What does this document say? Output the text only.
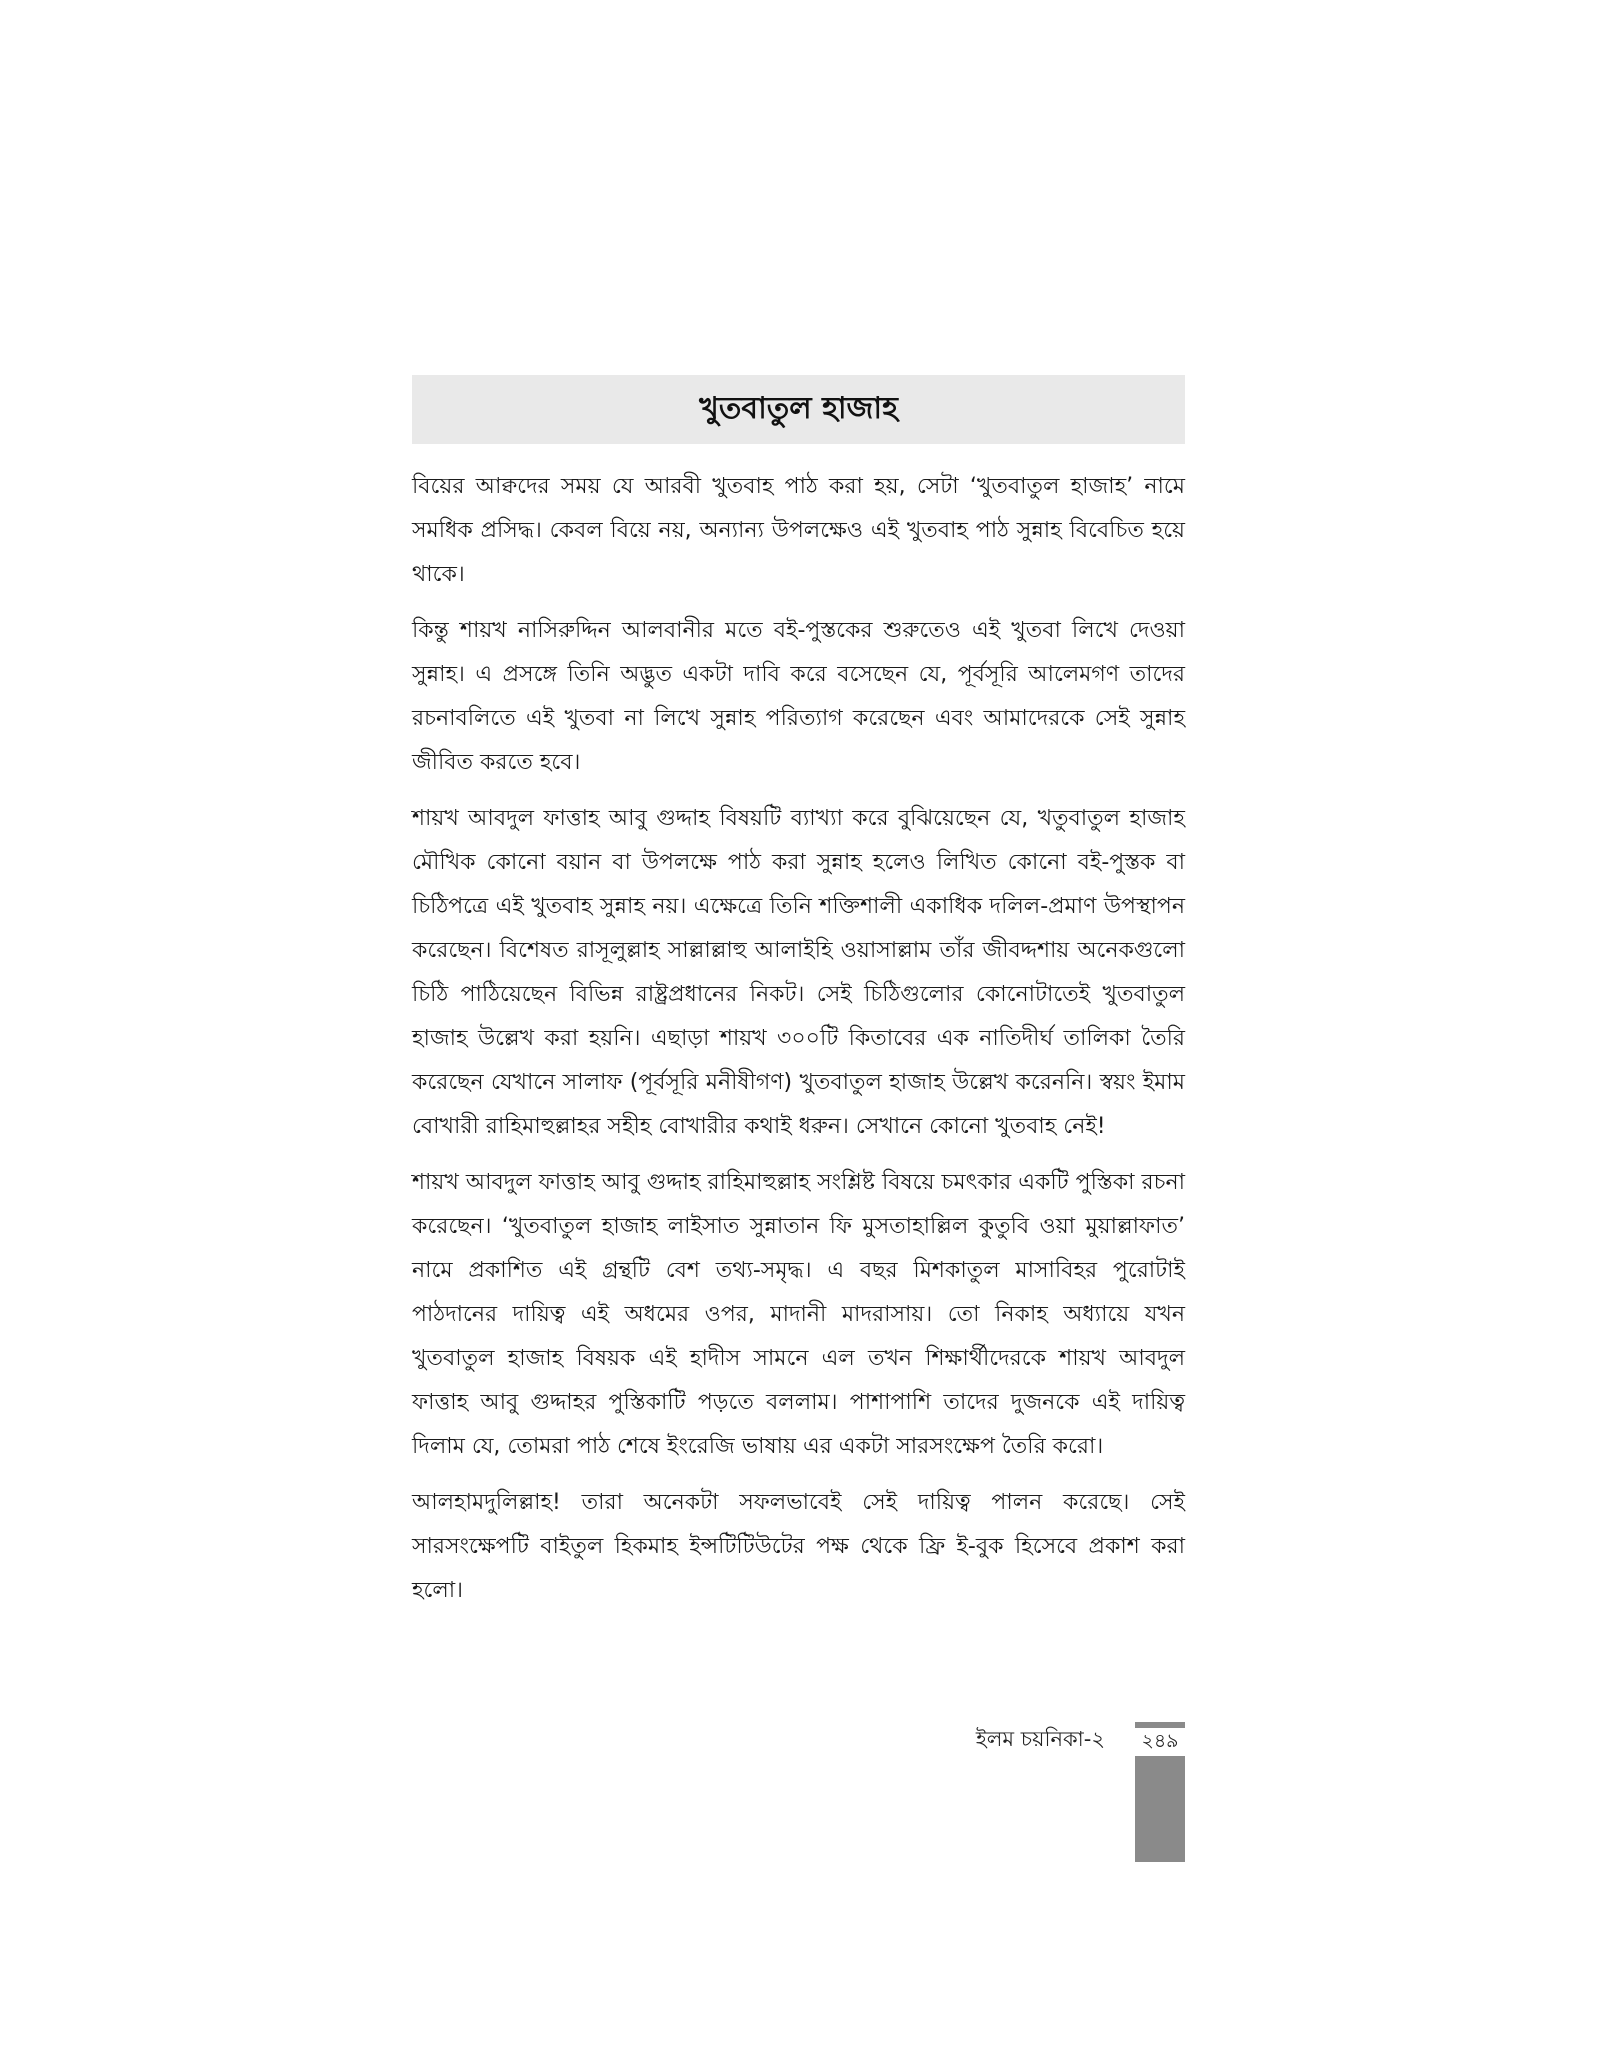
খুতবাতুল হাজাহ

বিয়ের আক্বদের সময় যে আরবী খুতবাহ পাঠ করা হয়, সেটা ‘খুতবাতুল হাজাহ’ নামে সমধিক প্রসিদ্ধ। কেবল বিয়ে নয়, অন্যান্য উপলক্ষেও এই খুতবাহ পাঠ সুন্নাহ বিবেচিত হয়ে থাকে।

কিন্তু শায়খ নাসিরুদ্দিন আলবানীর মতে বই-পুস্তকের শুরুতেও এই খুতবা লিখে দেওয়া সুন্নাহ। এ প্রসঙ্গে তিনি অদ্ভুত একটা দাবি করে বসেছেন যে, পূর্বসূরি আলেমগণ তাদের রচনাবলিতে এই খুতবা না লিখে সুন্নাহ পরিত্যাগ করেছেন এবং আমাদেরকে সেই সুন্নাহ জীবিত করতে হবে।

শায়খ আবদুল ফাত্তাহ আবু গুদ্দাহ বিষয়টি ব্যাখ্যা করে বুঝিয়েছেন যে, খতুবাতুল হাজাহ মৌখিক কোনো বয়ান বা উপলক্ষে পাঠ করা সুন্নাহ হলেও লিখিত কোনো বই-পুস্তক বা চিঠিপত্রে এই খুতবাহ সুন্নাহ নয়। এক্ষেত্রে তিনি শক্তিশালী একাধিক দলিল-প্রমাণ উপস্থাপন করেছেন। বিশেষত রাসূলুল্লাহ সাল্লাল্লাহু আলাইহি ওয়াসাল্লাম তাঁর জীবদ্দশায় অনেকগুলো চিঠি পাঠিয়েছেন বিভিন্ন রাষ্ট্রপ্রধানের নিকট। সেই চিঠিগুলোর কোনোটাতেই খুতবাতুল হাজাহ উল্লেখ করা হয়নি। এছাড়া শায়খ ৩০০টি কিতাবের এক নাতিদীর্ঘ তালিকা তৈরি করেছেন যেখানে সালাফ (পূর্বসূরি মনীষীগণ) খুতবাতুল হাজাহ উল্লেখ করেননি। স্বয়ং ইমাম বোখারী রাহিমাহুল্লাহর সহীহ বোখারীর কথাই ধরুন। সেখানে কোনো খুতবাহ নেই!

শায়খ আবদুল ফাত্তাহ আবু গুদ্দাহ রাহিমাহুল্লাহ সংশ্লিষ্ট বিষয়ে চমৎকার একটি পুস্তিকা রচনা করেছেন। ‘খুতবাতুল হাজাহ লাইসাত সুন্নাতান ফি মুসতাহাল্লিল কুতুবি ওয়া মুয়াল্লাফাত’ নামে প্রকাশিত এই গ্রন্থটি বেশ তথ্য-সমৃদ্ধ। এ বছর মিশকাতুল মাসাবিহর পুরোটাই পাঠদানের দায়িত্ব এই অধমের ওপর, মাদানী মাদরাসায়। তো নিকাহ অধ্যায়ে যখন খুতবাতুল হাজাহ বিষয়ক এই হাদীস সামনে এল তখন শিক্ষার্থীদেরকে শায়খ আবদুল ফাত্তাহ আবু গুদ্দাহর পুস্তিকাটি পড়তে বললাম। পাশাপাশি তাদের দুজনকে এই দায়িত্ব দিলাম যে, তোমরা পাঠ শেষে ইংরেজি ভাষায় এর একটা সারসংক্ষেপ তৈরি করো।

আলহামদুলিল্লাহ! তারা অনেকটা সফলভাবেই সেই দায়িত্ব পালন করেছে। সেই সারসংক্ষেপটি বাইতুল হিকমাহ ইন্সটিটিউটের পক্ষ থেকে ফ্রি ই-বুক হিসেবে প্রকাশ করা হলো।

ইলম চয়নিকা-২	২৪৯
